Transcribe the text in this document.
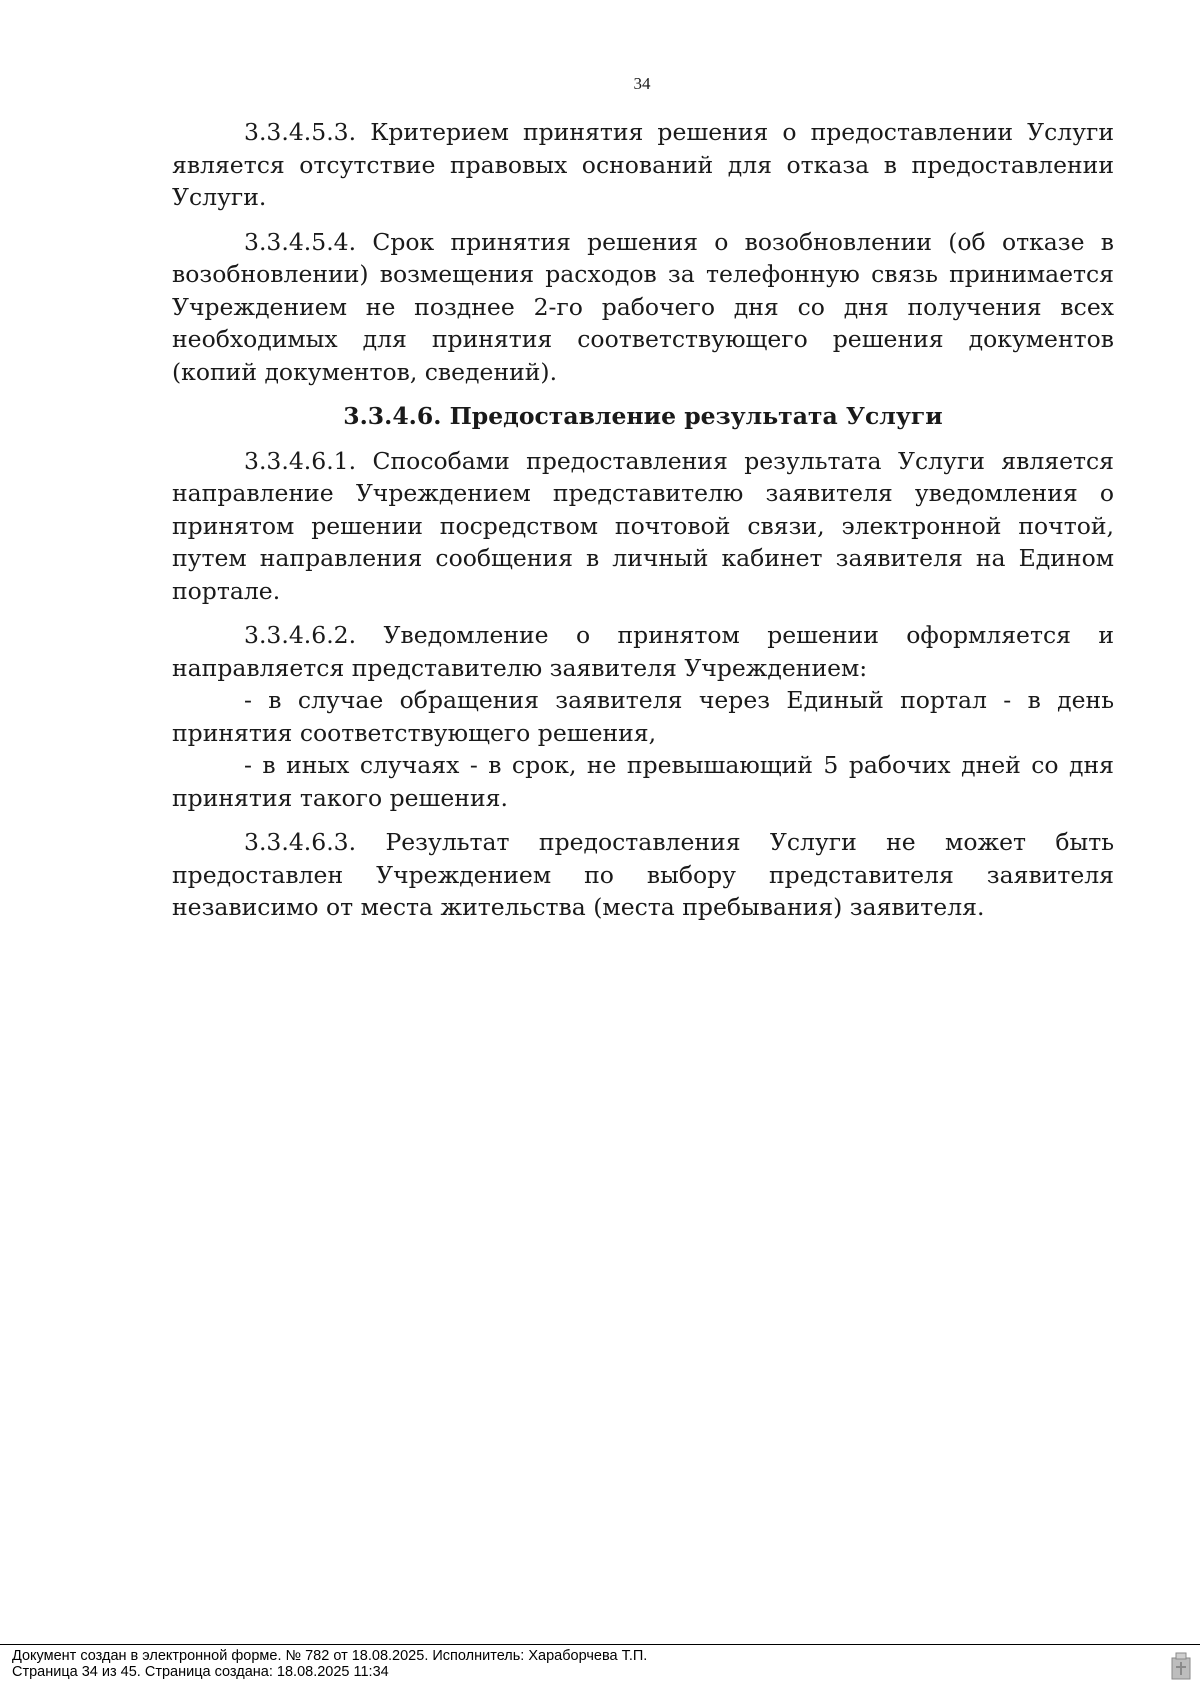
34

3.3.4.5.3. Критерием принятия решения о предоставлении Услуги является отсутствие правовых оснований для отказа в предоставлении Услуги.

3.3.4.5.4. Срок принятия решения о возобновлении (об отказе в возобновлении) возмещения расходов за телефонную связь принимается Учреждением не позднее 2-го рабочего дня со дня получения всех необходимых для принятия соответствующего решения документов (копий документов, сведений).

3.3.4.6. Предоставление результата Услуги

3.3.4.6.1. Способами предоставления результата Услуги является направление Учреждением представителю заявителя уведомления о принятом решении посредством почтовой связи, электронной почтой, путем направления сообщения в личный кабинет заявителя на Едином портале.

3.3.4.6.2. Уведомление о принятом решении оформляется и направляется представителю заявителя Учреждением:

- в случае обращения заявителя через Единый портал - в день принятия соответствующего решения,

- в иных случаях - в срок, не превышающий 5 рабочих дней со дня принятия такого решения.

3.3.4.6.3. Результат предоставления Услуги не может быть предоставлен Учреждением по выбору представителя заявителя независимо от места жительства (места пребывания) заявителя.

Документ создан в электронной форме. № 782 от 18.08.2025. Исполнитель: Хараборчева Т.П.
Страница 34 из 45. Страница создана: 18.08.2025 11:34
